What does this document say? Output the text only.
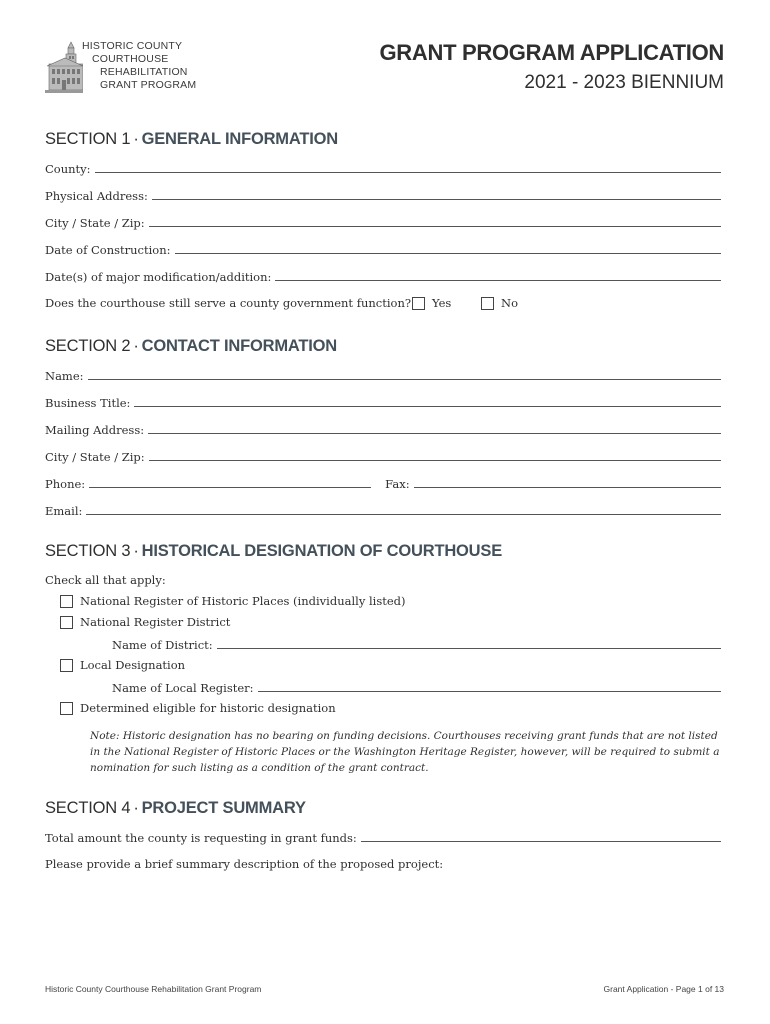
HISTORIC COUNTY
COURTHOUSE
REHABILITATION
GRANT PROGRAM
GRANT PROGRAM APPLICATION
2021 - 2023 BIENNIUM
SECTION 1 · GENERAL INFORMATION
County:
Physical Address:
City / State / Zip:
Date of Construction:
Date(s) of major modification/addition:
Does the courthouse still serve a county government function? Yes	No
SECTION 2 · CONTACT INFORMATION
Name:
Business Title:
Mailing Address:
City / State / Zip:
Phone:	Fax:
Email:
SECTION 3 · HISTORICAL DESIGNATION OF COURTHOUSE
Check all that apply:
National Register of Historic Places (individually listed)
National Register District
Name of District:
Local Designation
Name of Local Register:
Determined eligible for historic designation
Note: Historic designation has no bearing on funding decisions. Courthouses receiving grant funds that are not listed in the National Register of Historic Places or the Washington Heritage Register, however, will be required to submit a nomination for such listing as a condition of the grant contract.
SECTION 4 · PROJECT SUMMARY
Total amount the county is requesting in grant funds:
Please provide a brief summary description of the proposed project:
Historic County Courthouse Rehabilitation Grant Program	Grant Application - Page 1 of 13
